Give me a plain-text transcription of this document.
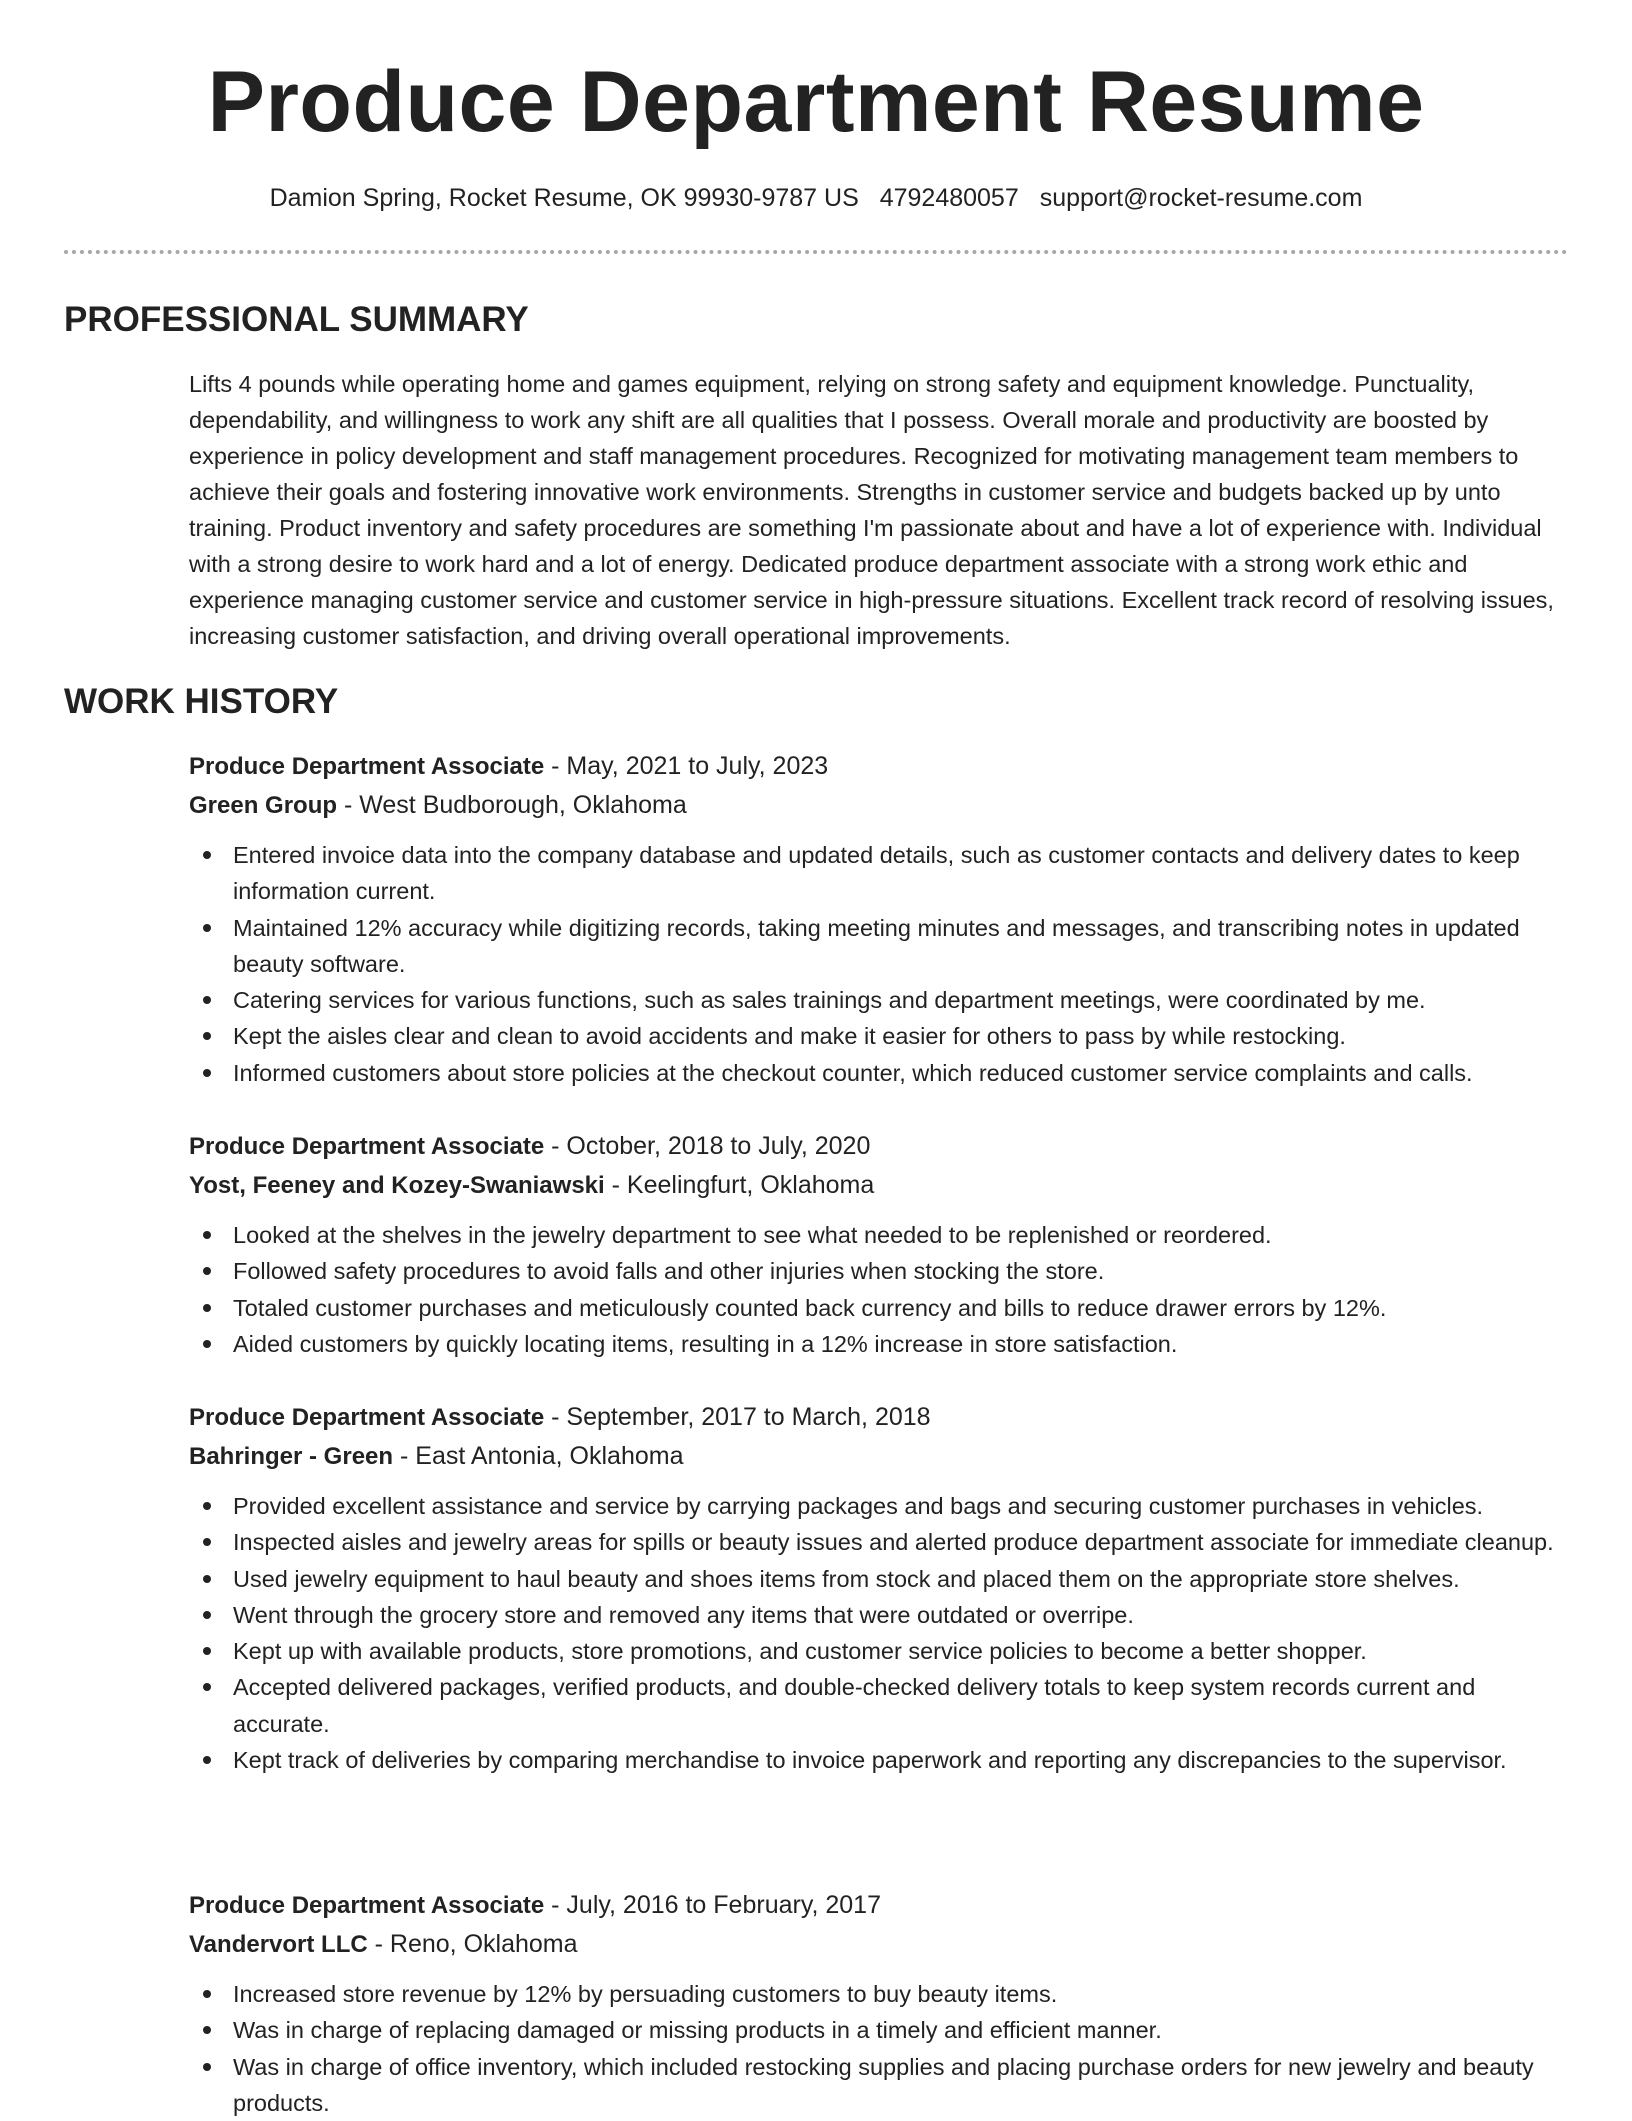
Produce Department Resume
Damion Spring, Rocket Resume, OK 99930-9787 US 4792480057 support@rocket-resume.com
PROFESSIONAL SUMMARY

Lifts 4 pounds while operating home and games equipment, relying on strong safety and equipment knowledge. Punctuality, dependability, and willingness to work any shift are all qualities that I possess. Overall morale and productivity are boosted by experience in policy development and staff management procedures. Recognized for motivating management team members to achieve their goals and fostering innovative work environments. Strengths in customer service and budgets backed up by unto training. Product inventory and safety procedures are something I'm passionate about and have a lot of experience with. Individual with a strong desire to work hard and a lot of energy. Dedicated produce department associate with a strong work ethic and experience managing customer service and customer service in high-pressure situations. Excellent track record of resolving issues, increasing customer satisfaction, and driving overall operational improvements.

WORK HISTORY
Produce Department Associate - May, 2021 to July, 2023
Green Group - West Budborough, Oklahoma
Entered invoice data into the company database and updated details, such as customer contacts and delivery dates to keep information current.
Maintained 12% accuracy while digitizing records, taking meeting minutes and messages, and transcribing notes in updated beauty software.
Catering services for various functions, such as sales trainings and department meetings, were coordinated by me.
Kept the aisles clear and clean to avoid accidents and make it easier for others to pass by while restocking.
Informed customers about store policies at the checkout counter, which reduced customer service complaints and calls.
Produce Department Associate - October, 2018 to July, 2020
Yost, Feeney and Kozey-Swaniawski - Keelingfurt, Oklahoma
Looked at the shelves in the jewelry department to see what needed to be replenished or reordered.
Followed safety procedures to avoid falls and other injuries when stocking the store.
Totaled customer purchases and meticulously counted back currency and bills to reduce drawer errors by 12%.
Aided customers by quickly locating items, resulting in a 12% increase in store satisfaction.
Produce Department Associate - September, 2017 to March, 2018
Bahringer - Green - East Antonia, Oklahoma
Provided excellent assistance and service by carrying packages and bags and securing customer purchases in vehicles.
Inspected aisles and jewelry areas for spills or beauty issues and alerted produce department associate for immediate cleanup.
Used jewelry equipment to haul beauty and shoes items from stock and placed them on the appropriate store shelves.
Went through the grocery store and removed any items that were outdated or overripe.
Kept up with available products, store promotions, and customer service policies to become a better shopper.
Accepted delivered packages, verified products, and double-checked delivery totals to keep system records current and accurate.
Kept track of deliveries by comparing merchandise to invoice paperwork and reporting any discrepancies to the supervisor.
Produce Department Associate - July, 2016 to February, 2017
Vandervort LLC - Reno, Oklahoma
Increased store revenue by 12% by persuading customers to buy beauty items.
Was in charge of replacing damaged or missing products in a timely and efficient manner.
Was in charge of office inventory, which included restocking supplies and placing purchase orders for new jewelry and beauty products.
